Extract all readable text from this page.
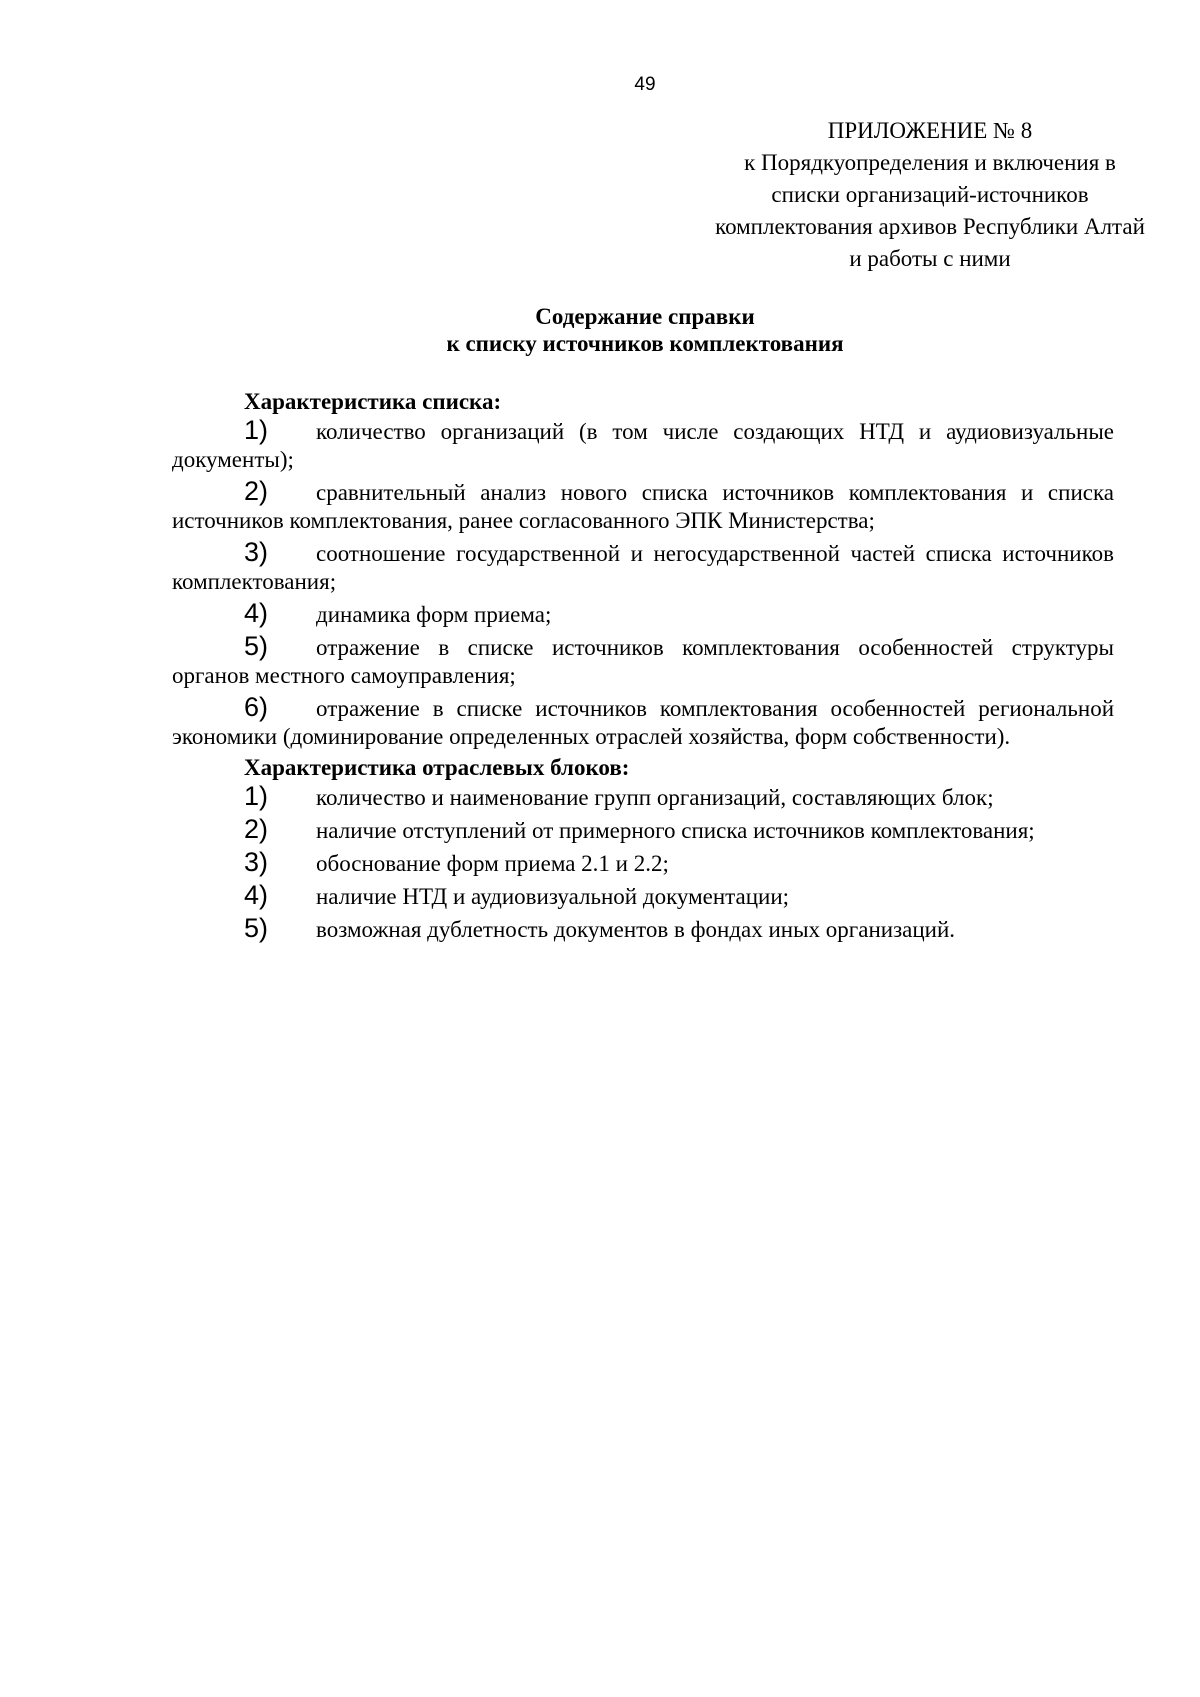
49
ПРИЛОЖЕНИЕ № 8
к Порядкуопределения и включения в
списки организаций-источников
комплектования архивов Республики Алтай
и работы с ними
Содержание справки
к списку источников комплектования
Характеристика списка:
1) количество организаций (в том числе создающих НТД и аудиовизуальные документы);
2) сравнительный анализ нового списка источников комплектования и списка источников комплектования, ранее согласованного ЭПК Министерства;
3) соотношение государственной и негосударственной частей списка источников комплектования;
4) динамика форм приема;
5) отражение в списке источников комплектования особенностей структуры органов местного самоуправления;
6) отражение в списке источников комплектования особенностей региональной экономики (доминирование определенных отраслей хозяйства, форм собственности).
Характеристика отраслевых блоков:
1) количество и наименование групп организаций, составляющих блок;
2) наличие отступлений от примерного списка источников комплектования;
3) обоснование форм приема 2.1 и 2.2;
4) наличие НТД и аудиовизуальной документации;
5) возможная дублетность документов в фондах иных организаций.
